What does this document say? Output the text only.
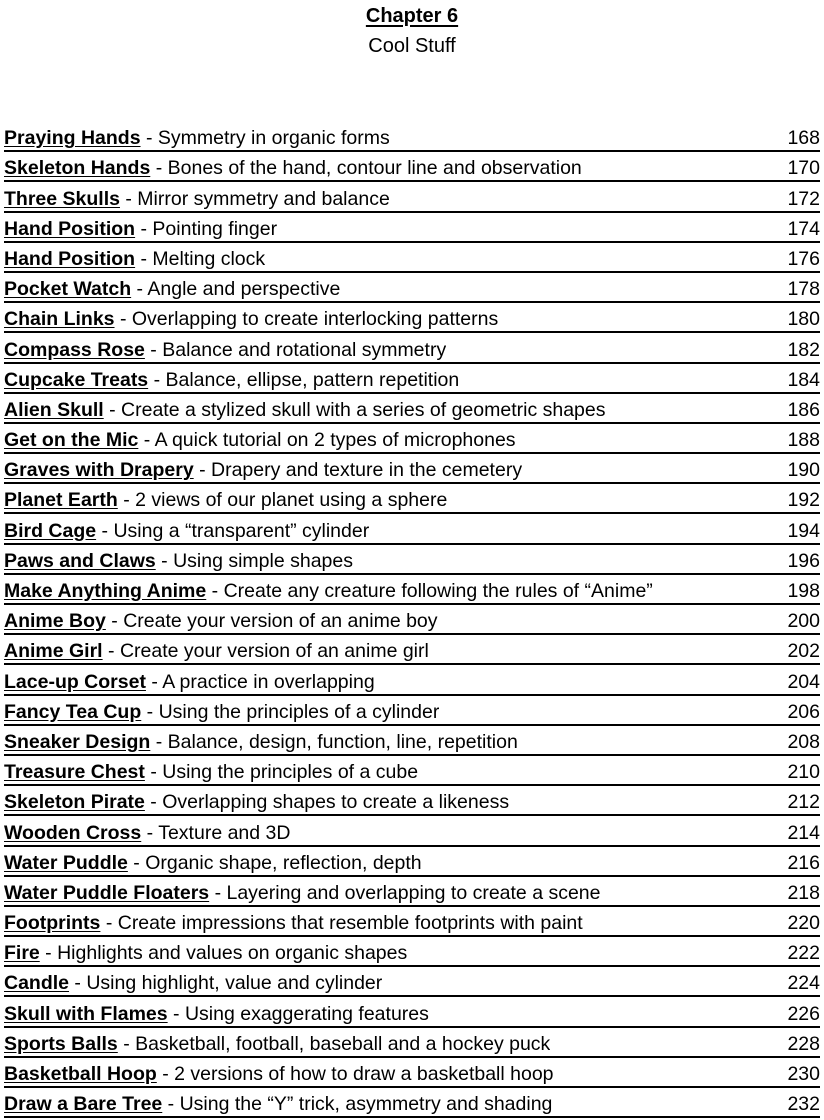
Chapter 6
Cool Stuff
Praying Hands - Symmetry in organic forms	168
Skeleton Hands - Bones of the hand, contour line and observation	170
Three Skulls - Mirror symmetry and balance	172
Hand Position - Pointing finger	174
Hand Position - Melting clock	176
Pocket Watch - Angle and perspective	178
Chain Links - Overlapping to create interlocking patterns	180
Compass Rose - Balance and rotational symmetry	182
Cupcake Treats - Balance, ellipse, pattern repetition	184
Alien Skull - Create a stylized skull with a series of geometric shapes	186
Get on the Mic - A quick tutorial on 2 types of microphones	188
Graves with Drapery - Drapery and texture in the cemetery	190
Planet Earth - 2 views of our planet using a sphere	192
Bird Cage - Using a “transparent” cylinder	194
Paws and Claws - Using simple shapes	196
Make Anything Anime - Create any creature following the rules of “Anime”	198
Anime Boy - Create your version of an anime boy	200
Anime Girl - Create your version of an anime girl	202
Lace-up Corset - A practice in overlapping	204
Fancy Tea Cup - Using the principles of a cylinder	206
Sneaker Design - Balance, design, function, line, repetition	208
Treasure Chest - Using the principles of a cube	210
Skeleton Pirate - Overlapping shapes to create a likeness	212
Wooden Cross - Texture and 3D	214
Water Puddle - Organic shape, reflection, depth	216
Water Puddle Floaters - Layering and overlapping to create a scene	218
Footprints - Create impressions that resemble footprints with paint	220
Fire - Highlights and values on organic shapes	222
Candle - Using highlight, value and cylinder	224
Skull with Flames - Using exaggerating features	226
Sports Balls - Basketball, football, baseball and a hockey puck	228
Basketball Hoop - 2 versions of how to draw a basketball hoop	230
Draw a Bare Tree - Using the “Y” trick, asymmetry and shading	232
